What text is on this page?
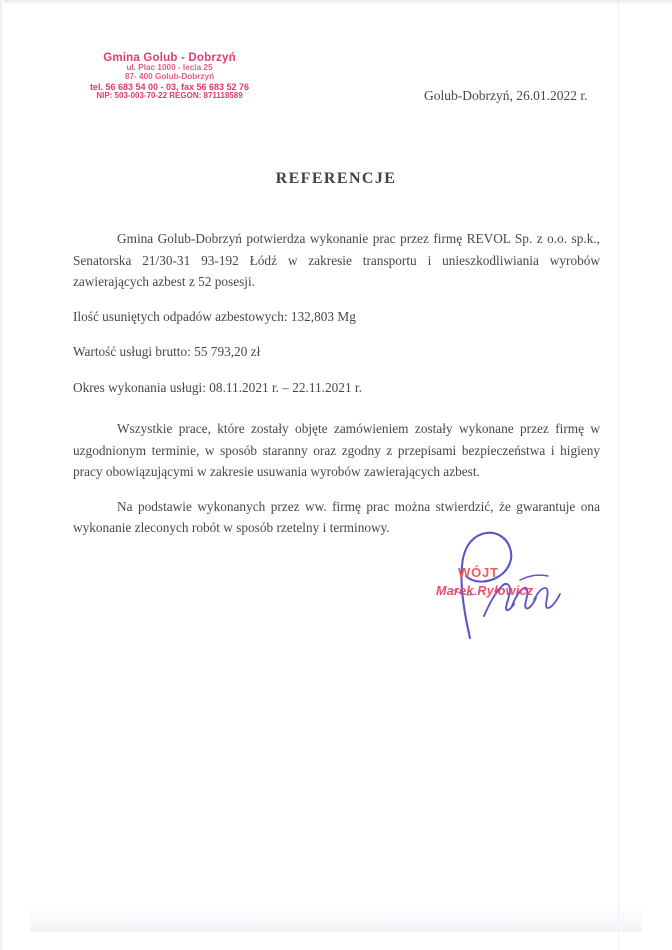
Gmina Golub - Dobrzyń
ul. Plac 1000 - lecia 25
87- 400 Golub-Dobrzyń
tel. 56 683 54 00 - 03, fax 56 683 52 76
NIP: 503-003-70-22 REGON: 871118589	Golub-Dobrzyń, 26.01.2022 r.
REFERENCJE

Gmina Golub-Dobrzyń potwierdza wykonanie prac przez firmę REVOL Sp. z o.o. sp.k., Senatorska 21/30-31 93-192 Łódź w zakresie transportu i unieszkodliwiania wyrobów zawierających azbest z 52 posesji.

Ilość usuniętych odpadów azbestowych: 132,803 Mg

Wartość usługi brutto: 55 793,20 zł

Okres wykonania usługi: 08.11.2021 r. – 22.11.2021 r.

Wszystkie prace, które zostały objęte zamówieniem zostały wykonane przez firmę w uzgodnionym terminie, w sposób staranny oraz zgodny z przepisami bezpieczeństwa i higieny pracy obowiązującymi w zakresie usuwania wyrobów zawierających azbest.

Na podstawie wykonanych przez ww. firmę prac można stwierdzić, że gwarantuje ona wykonanie zleconych robót w sposób rzetelny i terminowy.

WÓJT
Marek Ryłowicz
